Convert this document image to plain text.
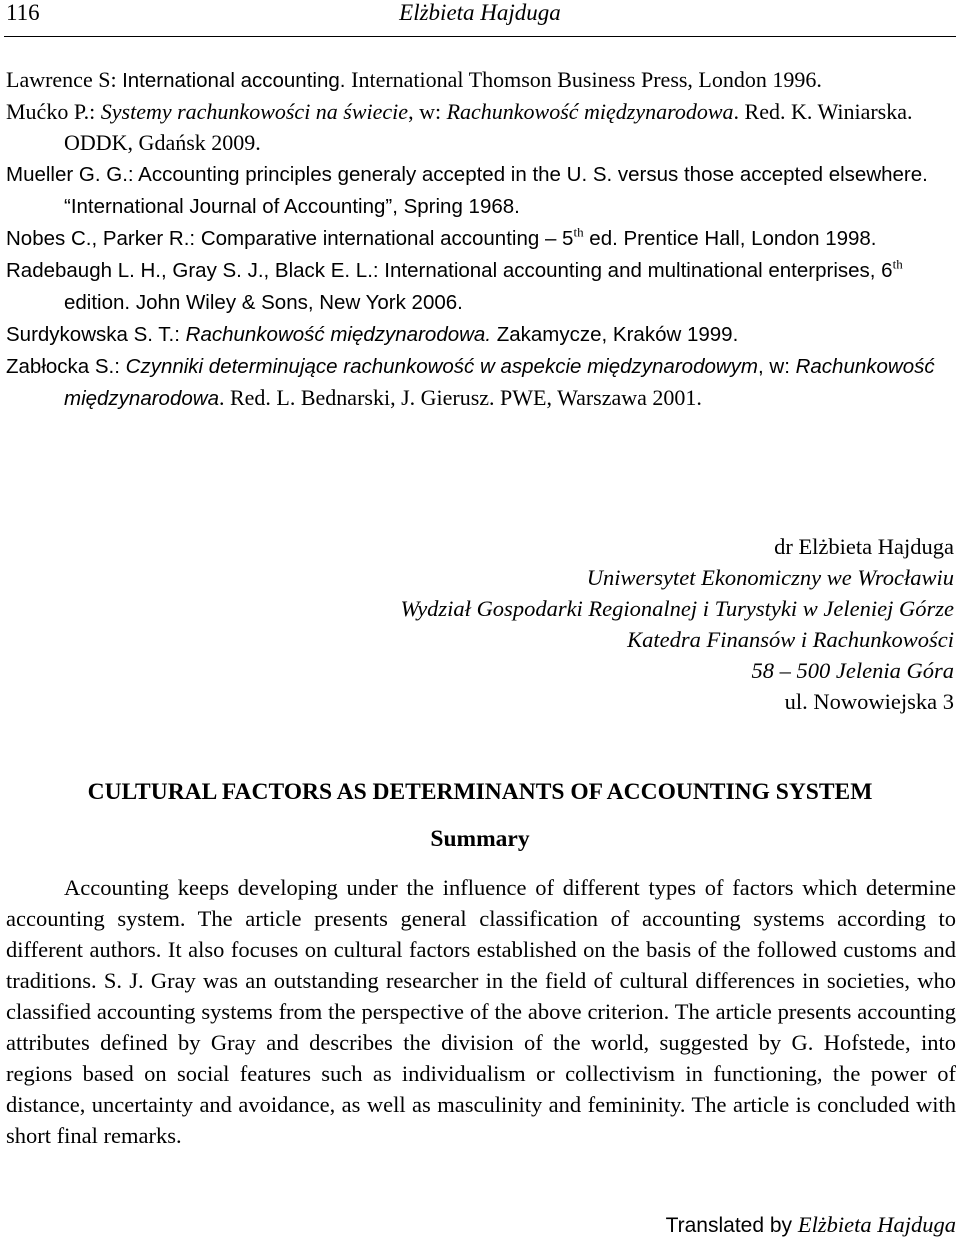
116	Elżbieta Hajduga

Lawrence S: International accounting. International Thomson Business Press, London 1996.

Mućko P.: Systemy rachunkowości na świecie, w: Rachunkowość międzynarodowa. Red. K. Winiarska. ODDK, Gdańsk 2009.

Mueller G. G.: Accounting principles generaly accepted in the U. S. versus those accepted elsewhere. “International Journal of Accounting”, Spring 1968.

Nobes C., Parker R.: Comparative international accounting – 5th ed. Prentice Hall, London 1998.

Radebaugh L. H., Gray S. J., Black E. L.: International accounting and multinational enterprises, 6th edition. John Wiley & Sons, New York 2006.

Surdykowska S. T.: Rachunkowość międzynarodowa. Zakamycze, Kraków 1999.

Zabłocka S.: Czynniki determinujące rachunkowość w aspekcie międzynarodowym, w: Rachunkowość międzynarodowa. Red. L. Bednarski, J. Gierusz. PWE, Warszawa 2001.

dr Elżbieta Hajduga
Uniwersytet Ekonomiczny we Wrocławiu
Wydział Gospodarki Regionalnej i Turystyki w Jeleniej Górze
Katedra Finansów i Rachunkowości
58 – 500 Jelenia Góra
ul. Nowowiejska 3
CULTURAL FACTORS AS DETERMINANTS OF ACCOUNTING SYSTEM
Summary

Accounting keeps developing under the influence of different types of factors which determine accounting system. The article presents general classification of accounting systems according to different authors. It also focuses on cultural factors established on the basis of the followed customs and traditions. S. J. Gray was an outstanding researcher in the field of cultural differences in societies, who classified accounting systems from the perspective of the above criterion. The article presents accounting attributes defined by Gray and describes the division of the world, suggested by G. Hofstede, into regions based on social features such as individualism or collectivism in functioning, the power of distance, uncertainty and avoidance, as well as masculinity and femininity. The article is concluded with short final remarks.

Translated by Elżbieta Hajduga
